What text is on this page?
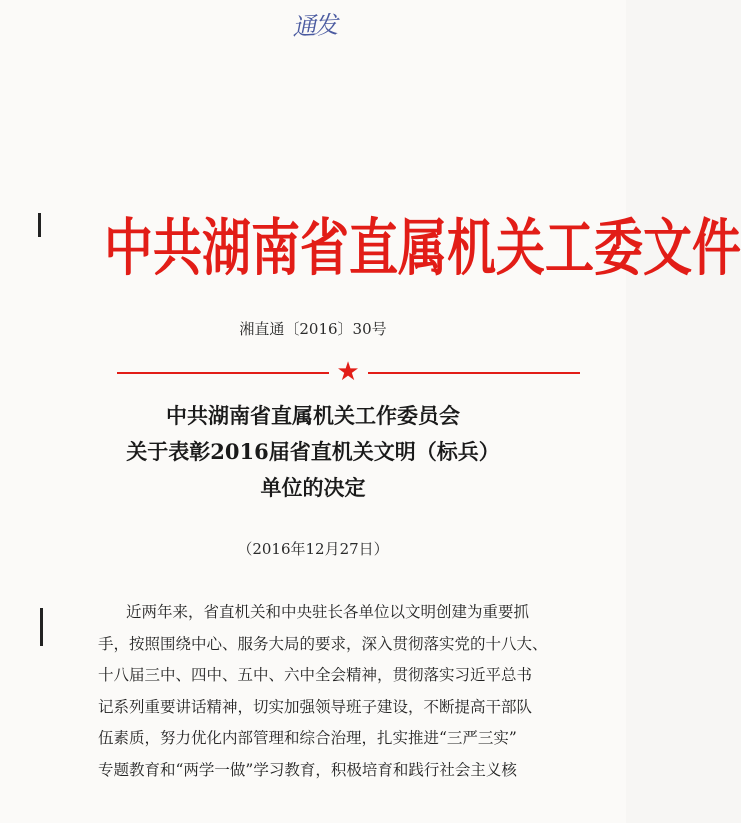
通发
中共湖南省直属机关工委文件
湘直通〔2016〕30号
★
中共湖南省直属机关工作委员会
关于表彰2016届省直机关文明（标兵）
单位的决定
（2016年12月27日）
近两年来，省直机关和中央驻长各单位以文明创建为重要抓
手，按照围绕中心、服务大局的要求，深入贯彻落实党的十八大、
十八届三中、四中、五中、六中全会精神，贯彻落实习近平总书
记系列重要讲话精神，切实加强领导班子建设，不断提高干部队
伍素质，努力优化内部管理和综合治理，扎实推进“三严三实”
专题教育和“两学一做”学习教育，积极培育和践行社会主义核
